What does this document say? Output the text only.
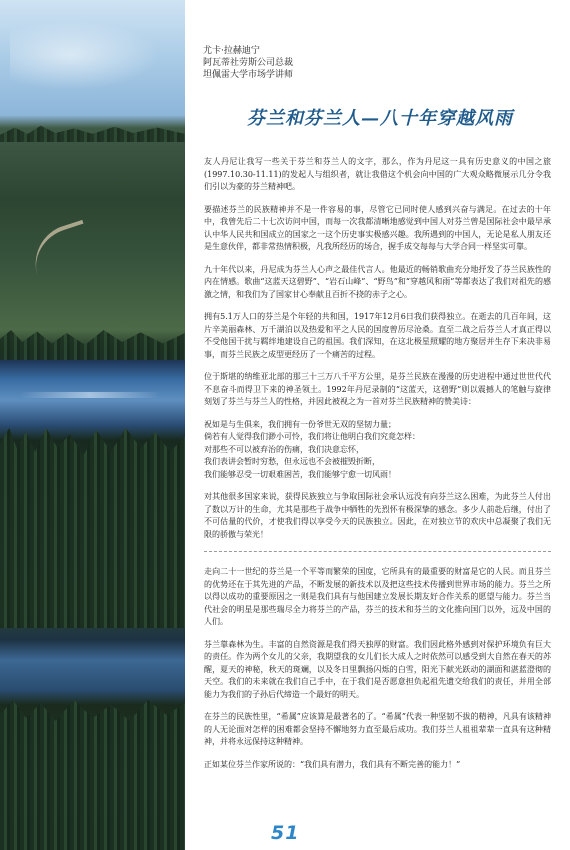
尤卡·拉赫迪宁
阿瓦蒂社劳斯公司总裁
坦佩雷大学市场学讲师
芬兰和芬兰人—八十年穿越风雨

友人丹尼让我写一些关于芬兰和芬兰人的文字，那么，作为丹尼这一具有历史意义的中国之旅(1997.10.30-11.11)的发起人与组织者，就让我借这个机会向中国的广大观众略微展示几分令我们引以为豪的芬兰精神吧。

要描述芬兰的民族精神并不是一件容易的事，尽管它已同时使人感到兴奋与满足。在过去的十年中，我曾先后二十七次访问中国，而每一次我都清晰地感觉到中国人对芬兰曾是国际社会中最早承认中华人民共和国成立的国家之一这个历史事实极感兴趣。我所遇到的中国人，无论是私人朋友还是生意伙伴，都非常热情积极，凡我所经历的场合，握手成交每每与大学合同一样坚实可靠。

九十年代以来，丹尼成为芬兰人心声之最佳代言人。他最近的畅销歌曲充分地抒发了芬兰民族性的内在情感。歌曲“这蓝天这碧野”、“岩石山峰”、“野鸟”和“穿越风和雨”等都表达了我们对祖先的感激之情，和我们为了国家甘心奉献且百折不挠的赤子之心。

拥有5.1万人口的芬兰是个年轻的共和国，1917年12月6日我们获得独立。在逝去的几百年间，这片辛美丽森林、万千湖泊以及热爱和平之人民的国度曾历尽沧桑。直至二战之后芬兰人才真正得以不受他国干扰与羁绊地建设自己的祖国。我们深知，在这北极星照耀的地方聚居并生存下来决非易事，而芬兰民族之成型更经历了一个痛苦的过程。

位于斯堪的纳维亚北部的那三十三万八千平方公里，是芬兰民族在漫漫的历史进程中通过世世代代不息奋斗而得卫下来的神圣领土。1992年丹尼录制的“这蓝天，这碧野”则以震撼人的笔触与旋律刻划了芬兰与芬兰人的性格，并因此被视之为一首对芬兰民族精神的赞美诗：

祝如是与生俱来，我们拥有一份爷世无双的坚韧力量；
倘若有人觉得我们渺小可怜，我们将让他明白我们究竟怎样：
对那些不可以被弃治的伤痛，我们决意忘怀，
我们表讲会暂时穷愁，但永远也不会被摧毁折断，
我们能够忍受一切艰难困苦，我们能够宁愈一切风雨！

对其他很多国家来说，获得民族独立与争取国际社会承认远没有向芬兰这么困难，为此芬兰人付出了数以万计的生命，尤其是那些于战争中牺牲的先烈怀有极深挚的感念。多少人前赴后继，付出了不可估量的代价，才使我们得以享受今天的民族独立。因此，在对独立节的欢庆中总凝聚了我们无限的骄傲与荣光！

走向二十一世纪的芬兰是一个平等而繁荣的国度，它所具有的最重要的财富是它的人民。而且芬兰的优势还在于其先进的产品，不断发展的新技术以及把这些技术传播到世界市场的能力。芬兰之所以得以成功的重要原因之一则是我们具有与他国建立发展长期友好合作关系的愿望与能力。芬兰当代社会的明星是那些瑞尽全力将芬兰的产品，芬兰的技术和芬兰的文化推向国门以外，远及中国的人们。

芬兰靠森林为生。丰富的自然资源是我们得天独厚的财富。我们因此格外感到对保护环境负有巨大的责任。作为两个女儿的父亲，我期望我的女儿们长大成人之时依然可以感受到大自然在春天的苏醒，夏天的神秘，秋天的斑斓，以及冬日里飘扬闪烁的白雪，阳光下献光跃动的湖面和湛蓝澄彻的天空。我们的未来就在我们自己手中，在于我们是否愿意担负起祖先遗交给我们的责任，并用全部能力为我们的子孙后代缔造一个最好的明天。

在芬兰的民族性里，“希属”应该算是最著名的了。“希属”代表一种坚韧不拔的精神，凡具有该精神的人无论面对怎样的困难都会坚持不懈地努力直至最后成功。我们芬兰人祖祖辈辈一直具有这种精神，并将永远保持这种精神。

正如某位芬兰作家所说的：“我们具有潜力，我们具有不断完善的能力！”

51
